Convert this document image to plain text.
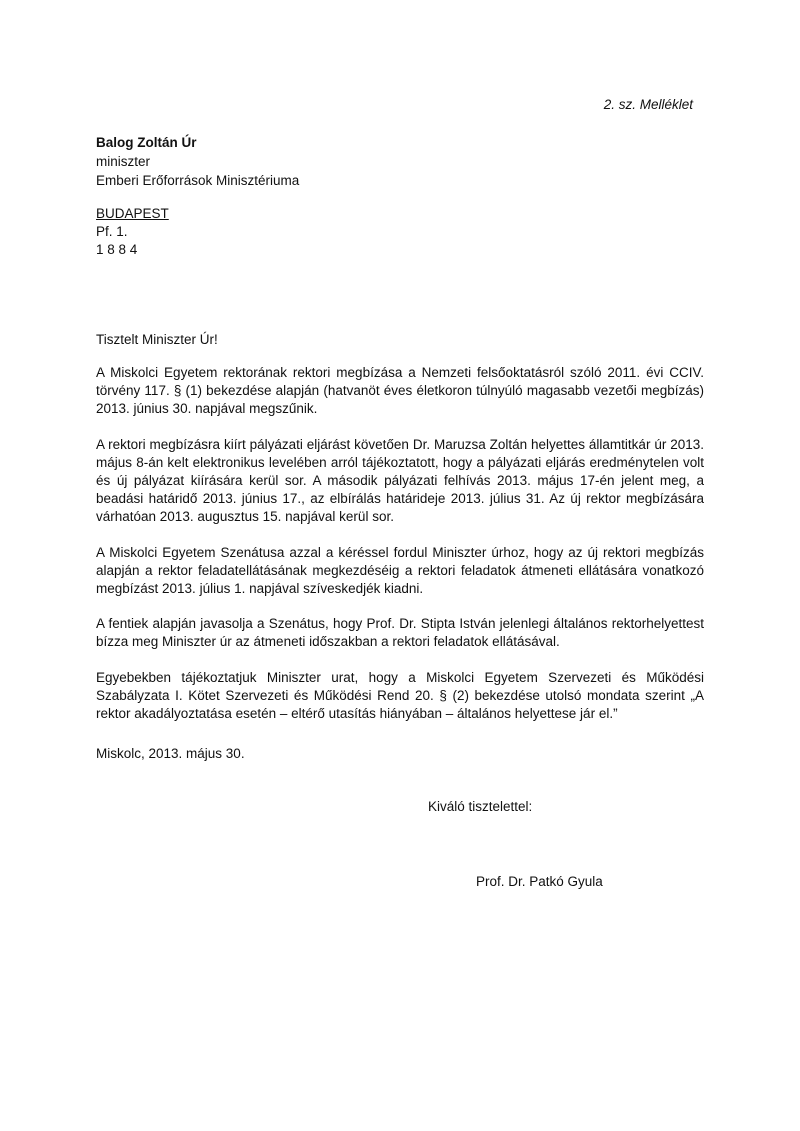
2. sz. Melléklet
Balog Zoltán Úr
miniszter
Emberi Erőforrások Minisztériuma
BUDAPEST
Pf. 1.
1 8 8 4
Tisztelt Miniszter Úr!

A Miskolci Egyetem rektorának rektori megbízása a Nemzeti felsőoktatásról szóló 2011. évi CCIV. törvény 117. § (1) bekezdése alapján (hatvanöt éves életkoron túlnyúló magasabb vezetői megbízás) 2013. június 30. napjával megszűnik.

A rektori megbízásra kiírt pályázati eljárást követően Dr. Maruzsa Zoltán helyettes államtitkár úr 2013. május 8-án kelt elektronikus levelében arról tájékoztatott, hogy a pályázati eljárás eredménytelen volt és új pályázat kiírására kerül sor. A második pályázati felhívás 2013. május 17-én jelent meg, a beadási határidő 2013. június 17., az elbírálás határideje 2013. július 31. Az új rektor megbízására várhatóan 2013. augusztus 15. napjával kerül sor.

A Miskolci Egyetem Szenátusa azzal a kéréssel fordul Miniszter úrhoz, hogy az új rektori megbízás alapján a rektor feladatellátásának megkezdéséig a rektori feladatok átmeneti ellátására vonatkozó megbízást 2013. július 1. napjával szíveskedjék kiadni.

A fentiek alapján javasolja a Szenátus, hogy Prof. Dr. Stipta István jelenlegi általános rektorhelyettest bízza meg Miniszter úr az átmeneti időszakban a rektori feladatok ellátásával.

Egyebekben tájékoztatjuk Miniszter urat, hogy a Miskolci Egyetem Szervezeti és Működési Szabályzata I. Kötet Szervezeti és Működési Rend 20. § (2) bekezdése utolsó mondata szerint „A rektor akadályoztatása esetén – eltérő utasítás hiányában – általános helyettese jár el.”

Miskolc, 2013. május 30.
Kiváló tisztelettel:
Prof. Dr. Patkó Gyula
